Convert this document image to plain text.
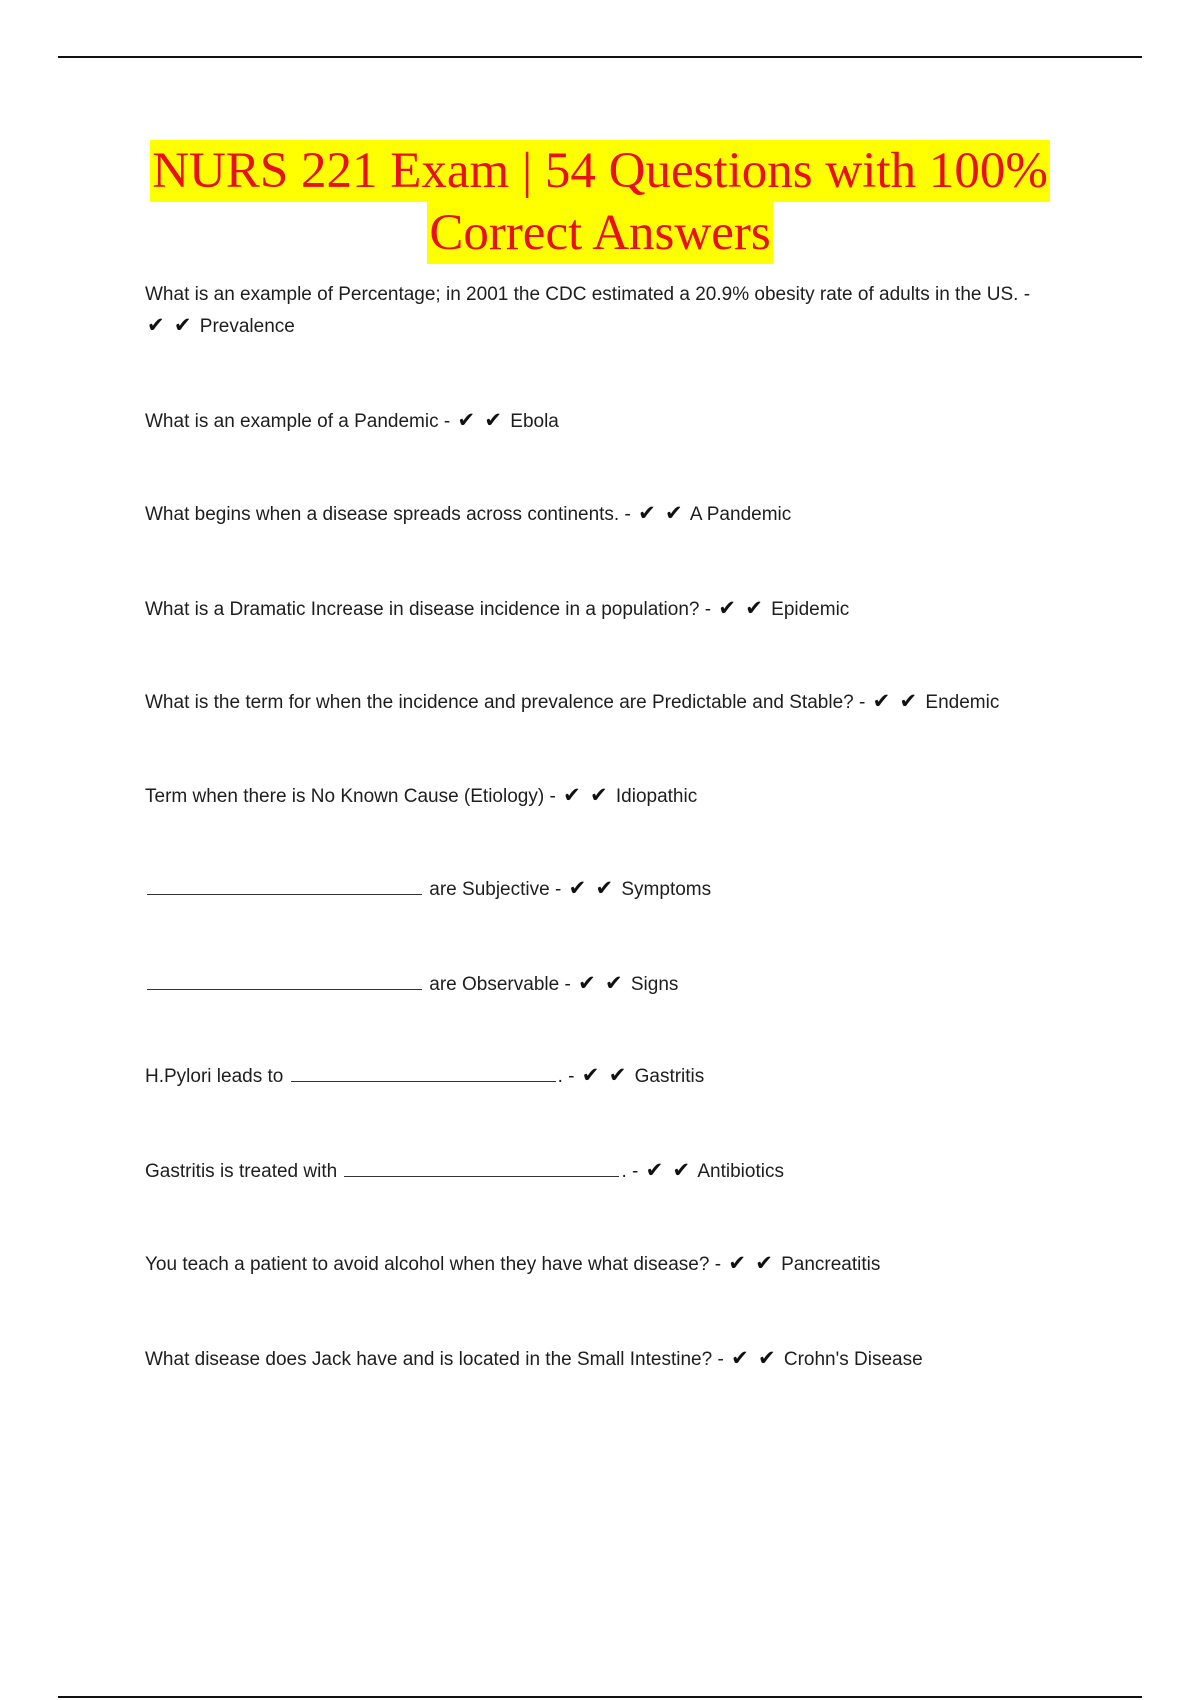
NURS 221 Exam | 54 Questions with 100%
Correct Answers
What is an example of Percentage; in 2001 the CDC estimated a 20.9% obesity rate of adults in the US. -
✔ ✔ Prevalence
What is an example of a Pandemic - ✔ ✔ Ebola
What begins when a disease spreads across continents. - ✔ ✔ A Pandemic
What is a Dramatic Increase in disease incidence in a population? - ✔ ✔ Epidemic
What is the term for when the incidence and prevalence are Predictable and Stable? - ✔ ✔ Endemic
Term when there is No Known Cause (Etiology) - ✔ ✔ Idiopathic
are Subjective - ✔ ✔ Symptoms
are Observable - ✔ ✔ Signs
H.Pylori leads to	. - ✔ ✔ Gastritis
Gastritis is treated with	. - ✔ ✔ Antibiotics
You teach a patient to avoid alcohol when they have what disease? - ✔ ✔ Pancreatitis
What disease does Jack have and is located in the Small Intestine? - ✔ ✔ Crohn's Disease
